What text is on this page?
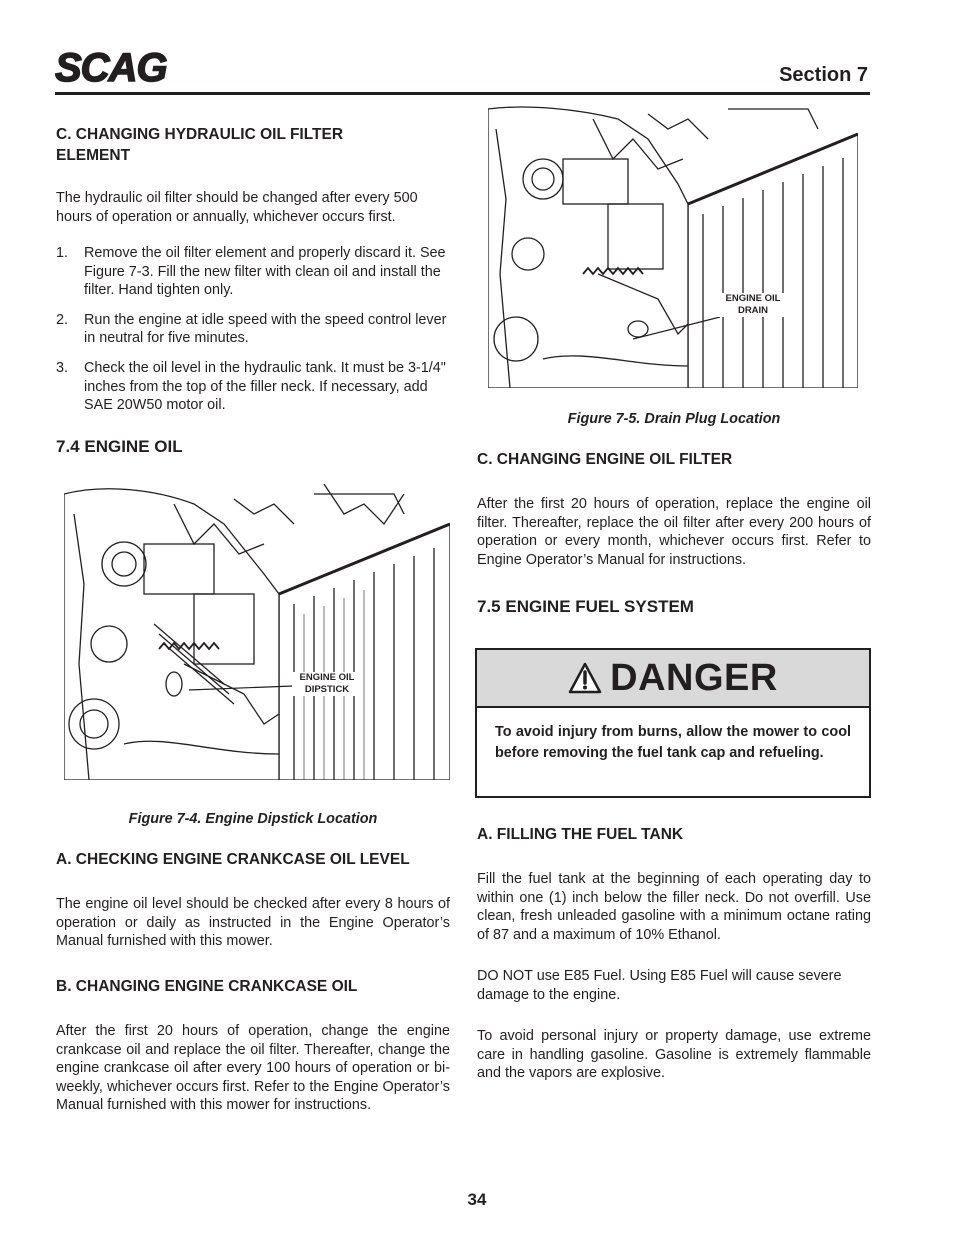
SCAG	Section 7
C. CHANGING HYDRAULIC OIL FILTER ELEMENT

The hydraulic oil filter should be changed after every 500 hours of operation or annually, whichever occurs first.

1. Remove the oil filter element and properly discard it. See Figure 7-3. Fill the new filter with clean oil and install the filter. Hand tighten only.
2. Run the engine at idle speed with the speed control lever in neutral for five minutes.
3. Check the oil level in the hydraulic tank. It must be 3-1/4" inches from the top of the filler neck. If necessary, add SAE 20W50 motor oil.
7.4 ENGINE OIL
ENGINE OIL DIPSTICK
Figure 7-4. Engine Dipstick Location
A. CHECKING ENGINE CRANKCASE OIL LEVEL

The engine oil level should be checked after every 8 hours of operation or daily as instructed in the Engine Operator’s Manual furnished with this mower.

B. CHANGING ENGINE CRANKCASE OIL

After the first 20 hours of operation, change the engine crankcase oil and replace the oil filter. Thereafter, change the engine crankcase oil after every 100 hours of operation or bi-weekly, whichever occurs first. Refer to the Engine Operator’s Manual furnished with this mower for instructions.

ENGINE OIL DRAIN
Figure 7-5. Drain Plug Location
C. CHANGING ENGINE OIL FILTER

After the first 20 hours of operation, replace the engine oil filter. Thereafter, replace the oil filter after every 200 hours of operation or every month, whichever occurs first. Refer to Engine Operator’s Manual for instructions.

7.5 ENGINE FUEL SYSTEM
DANGER
To avoid injury from burns, allow the mower to cool before removing the fuel tank cap and refueling.
A. FILLING THE FUEL TANK

Fill the fuel tank at the beginning of each operating day to within one (1) inch below the filler neck. Do not overfill. Use clean, fresh unleaded gasoline with a minimum octane rating of 87 and a maximum of 10% Ethanol.

DO NOT use E85 Fuel. Using E85 Fuel will cause severe damage to the engine.

To avoid personal injury or property damage, use extreme care in handling gasoline. Gasoline is extremely flammable and the vapors are explosive.

34
